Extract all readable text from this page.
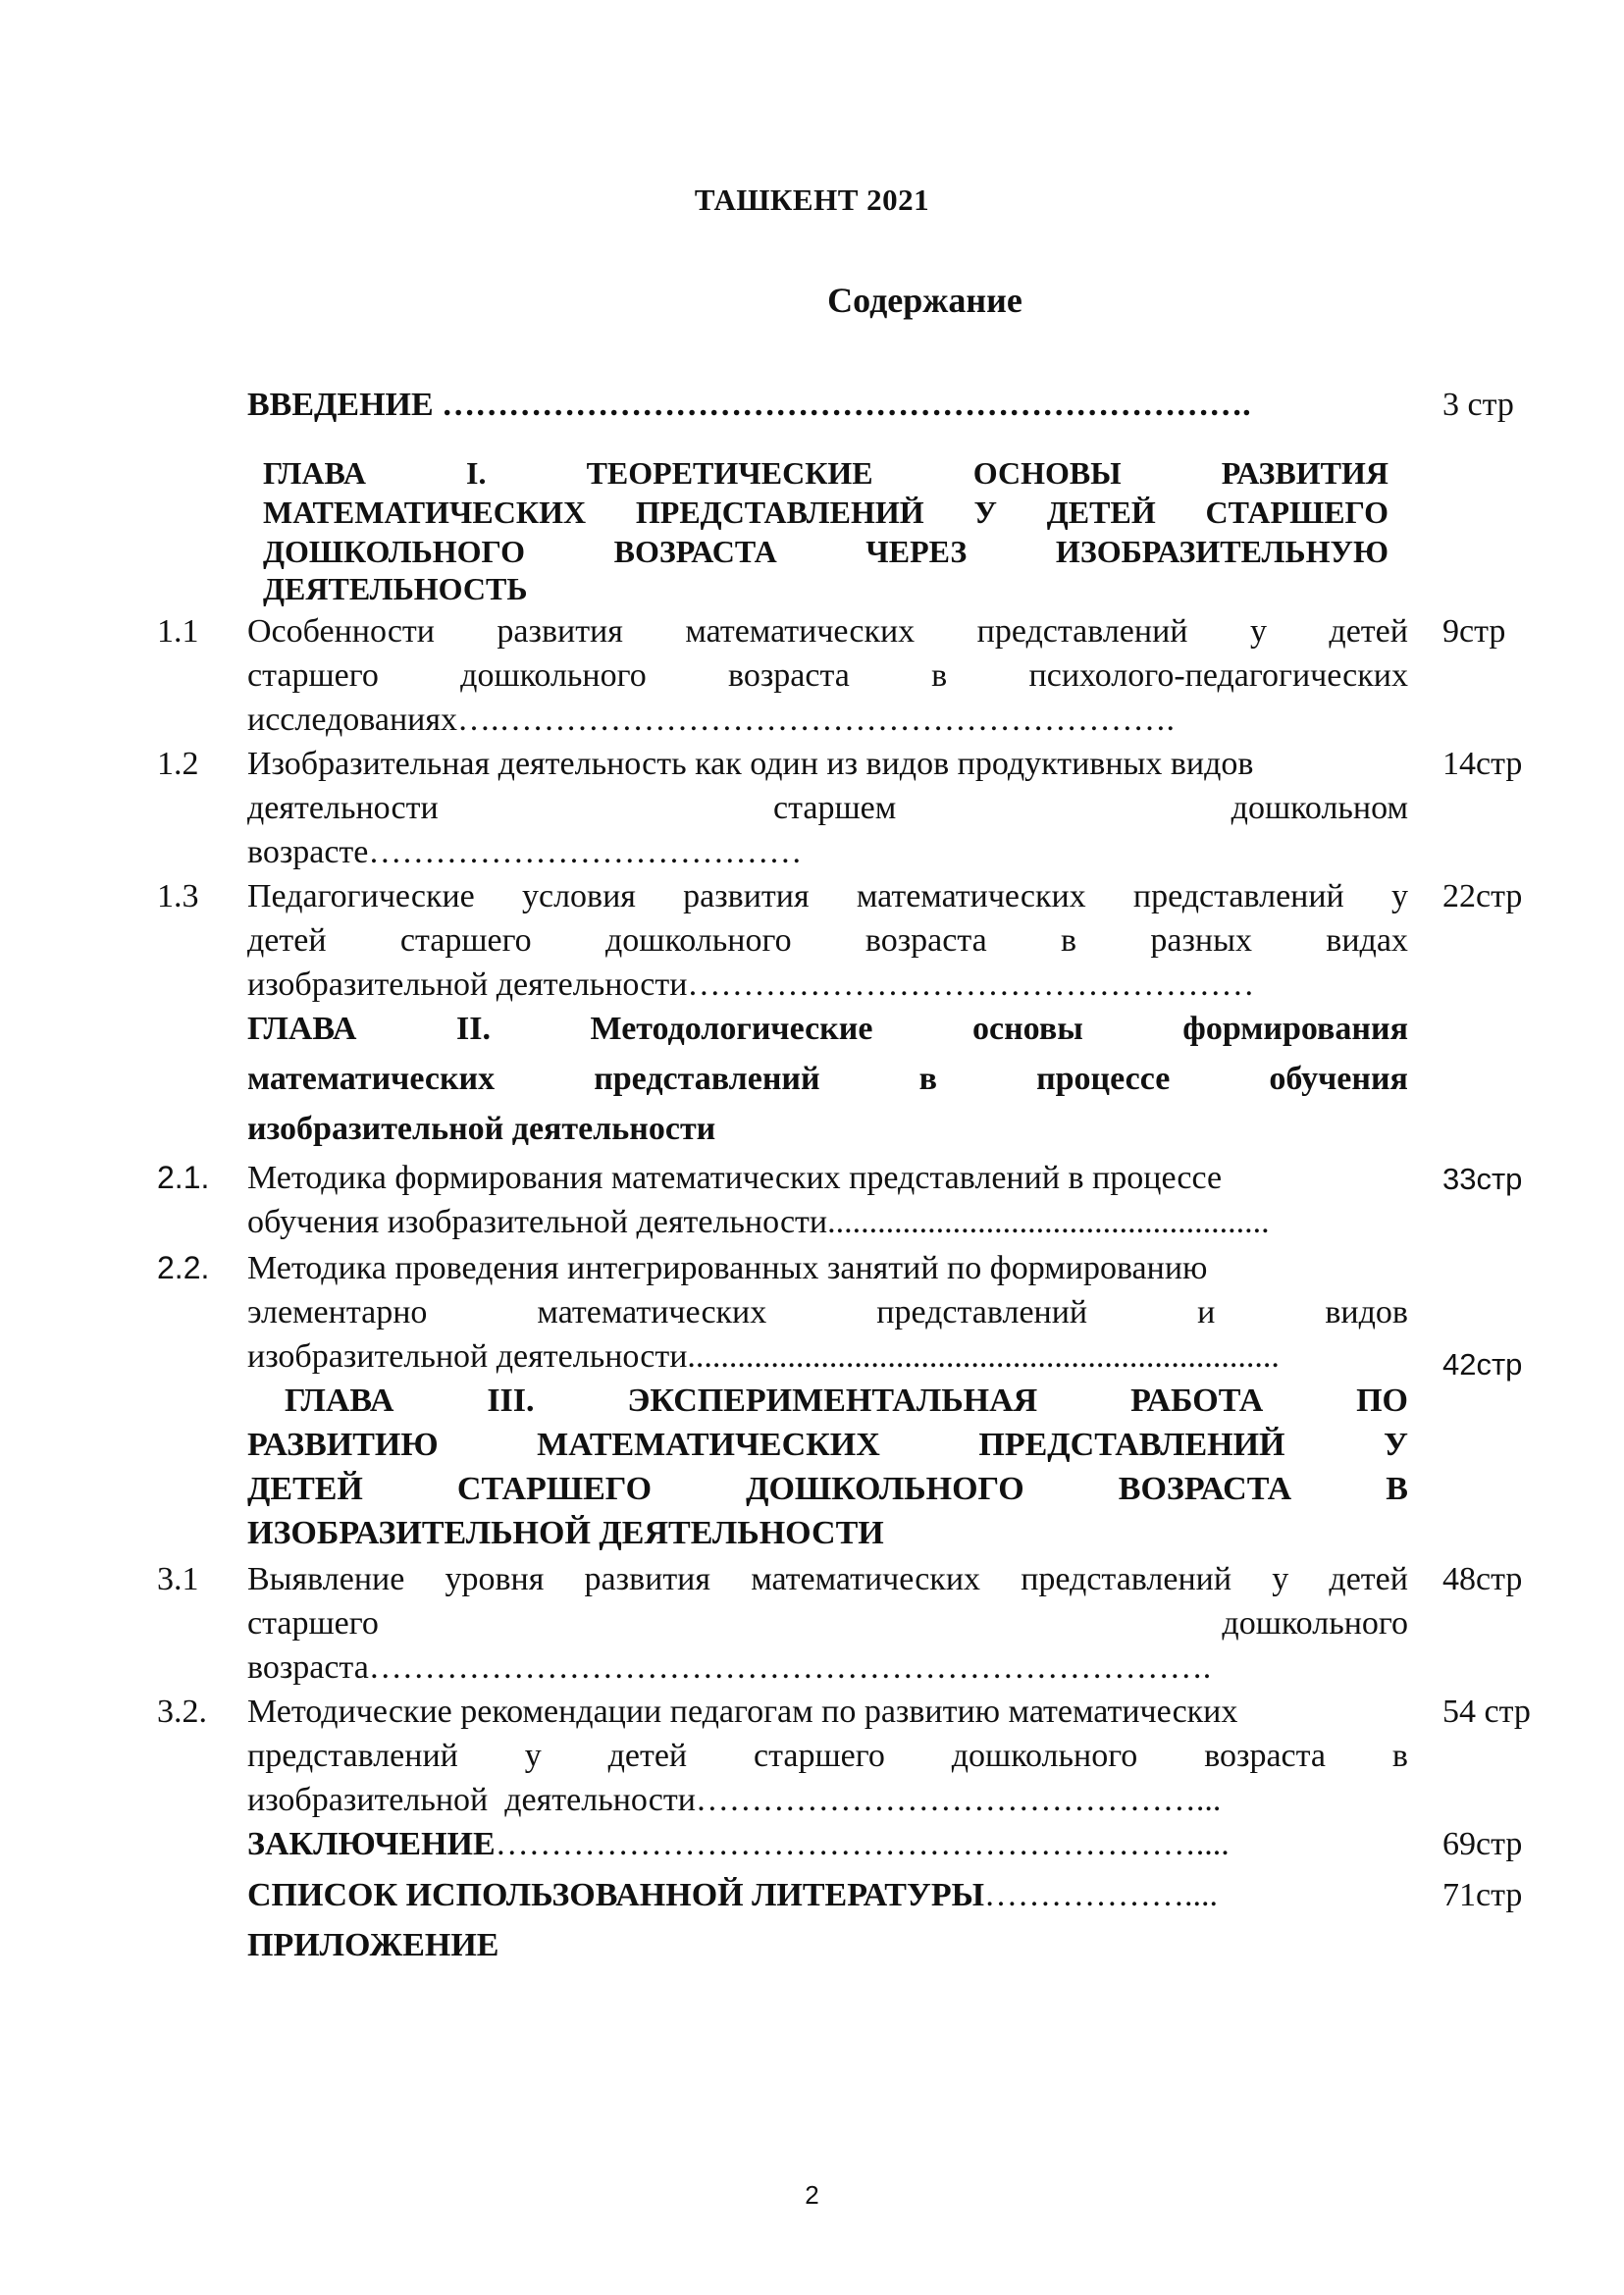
ТАШКЕНТ 2021
Содержание
ВВЕДЕНИЕ ……………………………………………………………….	3 стр
ГЛАВА	I.	ТЕОРЕТИЧЕСКИЕ	ОСНОВЫ	РАЗВИТИЯ
МАТЕМАТИЧЕСКИХ ПРЕДСТАВЛЕНИЙ У ДЕТЕЙ СТАРШЕГО
ДОШКОЛЬНОГО	ВОЗРАСТА	ЧЕРЕЗ	ИЗОБРАЗИТЕЛЬНУЮ
ДЕЯТЕЛЬНОСТЬ
1.1 Особенности развития математических представлений у детей 9стр
старшего дошкольного возраста в психолого-педагогических
исследованиях….…………………………………………………….
1.2 Изобразительная деятельность как один из видов продуктивных видов	14стр
деятельности	старшем	дошкольном
возрасте…………………………………
1.3 Педагогические условия развития математических представлений у 22стр
детей старшего дошкольного возраста в разных видах
изобразительной деятельности……………………………………………
ГЛАВА	II.	Методологические	основы	формирования
математических	представлений	в	процессе	обучения
изобразительной деятельности
2.1. Методика формирования математических представлений в процессе	33стр
обучения изобразительной деятельности.....................................................
2.2. Методика проведения интегрированных занятий по формированию
элементарно	математических	представлений	и	видов
изобразительной деятельности.......................................................................	42стр
ГЛАВА	III.	ЭКСПЕРИМЕНТАЛЬНАЯ	РАБОТА	ПО
РАЗВИТИЮ	МАТЕМАТИЧЕСКИХ	ПРЕДСТАВЛЕНИЙ	У
ДЕТЕЙ	СТАРШЕГО	ДОШКОЛЬНОГО	ВОЗРАСТА	В
ИЗОБРАЗИТЕЛЬНОЙ ДЕЯТЕЛЬНОСТИ
3.1 Выявление уровня развития математических представлений у детей 48стр
старшего	дошкольного
возраста………………………………………………………………….
3.2. Методические рекомендации педагогам по развитию математических	54 стр
представлений у детей старшего дошкольного возраста в
изобразительной  деятельности………………………………………...
ЗАКЛЮЧЕНИЕ………………………………………………………....	69стр
СПИСОК ИСПОЛЬЗОВАННОЙ ЛИТЕРАТУРЫ………………....	71стр
ПРИЛОЖЕНИЕ
2
